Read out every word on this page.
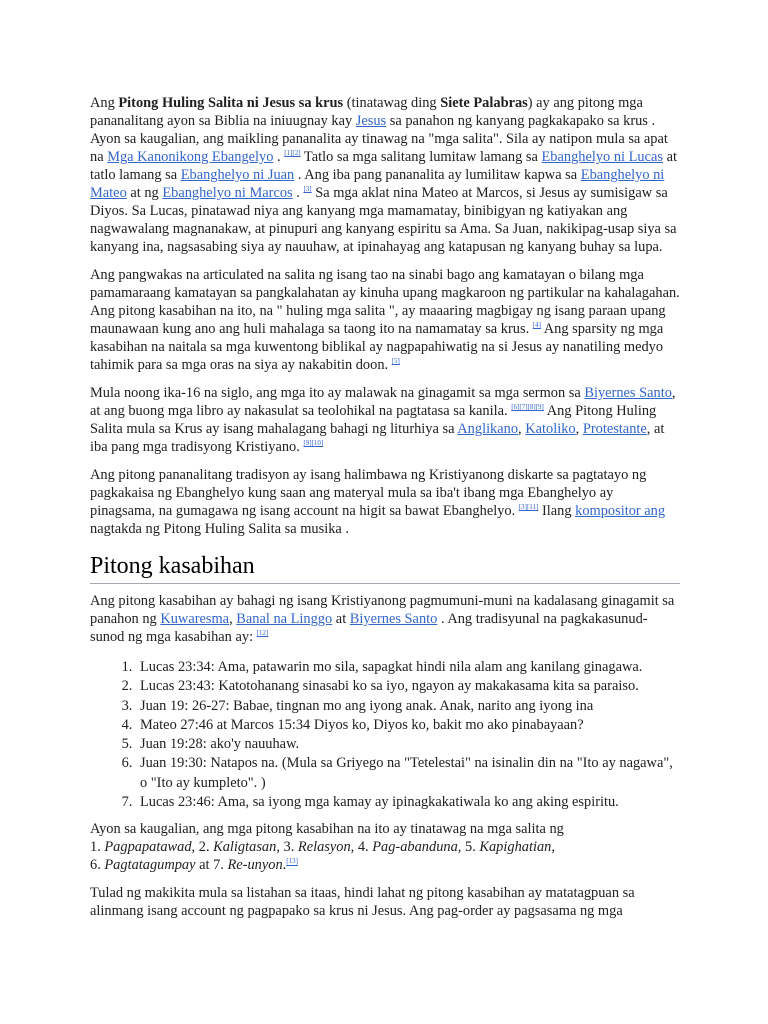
Ang Pitong Huling Salita ni Jesus sa krus (tinatawag ding Siete Palabras) ay ang pitong mga pananalitang ayon sa Biblia na iniuugnay kay Jesus sa panahon ng kanyang pagkakapako sa krus . Ayon sa kaugalian, ang maikling pananalita ay tinawag na "mga salita". Sila ay natipon mula sa apat na Mga Kanonikong Ebangelyo . [1][2] Tatlo sa mga salitang lumitaw lamang sa Ebanghelyo ni Lucas at tatlo lamang sa Ebanghelyo ni Juan . Ang iba pang pananalita ay lumilitaw kapwa sa Ebanghelyo ni Mateo at ng Ebanghelyo ni Marcos . [3] Sa mga aklat nina Mateo at Marcos, si Jesus ay sumisigaw sa Diyos. Sa Lucas, pinatawad niya ang kanyang mga mamamatay, binibigyan ng katiyakan ang nagwawalang magnanakaw, at pinupuri ang kanyang espiritu sa Ama. Sa Juan, nakikipag-usap siya sa kanyang ina, nagsasabing siya ay nauuhaw, at ipinahayag ang katapusan ng kanyang buhay sa lupa.

Ang pangwakas na articulated na salita ng isang tao na sinabi bago ang kamatayan o bilang mga pamamaraang kamatayan sa pangkalahatan ay kinuha upang magkaroon ng partikular na kahalagahan. Ang pitong kasabihan na ito, na " huling mga salita ", ay maaaring magbigay ng isang paraan upang maunawaan kung ano ang huli mahalaga sa taong ito na namamatay sa krus. [4] Ang sparsity ng mga kasabihan na naitala sa mga kuwentong biblikal ay nagpapahiwatig na si Jesus ay nanatiling medyo tahimik para sa mga oras na siya ay nakabitin doon. [5]

Mula noong ika-16 na siglo, ang mga ito ay malawak na ginagamit sa mga sermon sa Biyernes Santo, at ang buong mga libro ay nakasulat sa teolohikal na pagtatasa sa kanila. [6][7][8][9] Ang Pitong Huling Salita mula sa Krus ay isang mahalagang bahagi ng liturhiya sa Anglikano, Katoliko, Protestante, at iba pang mga tradisyong Kristiyano. [9][10]

Ang pitong pananalitang tradisyon ay isang halimbawa ng Kristiyanong diskarte sa pagtatayo ng pagkakaisa ng Ebanghelyo kung saan ang materyal mula sa iba't ibang mga Ebanghelyo ay pinagsama, na gumagawa ng isang account na higit sa bawat Ebanghelyo. [3][11] Ilang kompositor ang nagtakda ng Pitong Huling Salita sa musika .

Pitong kasabihan

Ang pitong kasabihan ay bahagi ng isang Kristiyanong pagmumuni-muni na kadalasang ginagamit sa panahon ng Kuwaresma, Banal na Linggo at Biyernes Santo . Ang tradisyunal na pagkakasunud-sunod ng mga kasabihan ay: [12]

1. Lucas 23:34: Ama, patawarin mo sila, sapagkat hindi nila alam ang kanilang ginagawa.
2. Lucas 23:43: Katotohanang sinasabi ko sa iyo, ngayon ay makakasama kita sa paraiso.
3. Juan 19: 26-27: Babae, tingnan mo ang iyong anak. Anak, narito ang iyong ina
4. Mateo 27:46 at Marcos 15:34 Diyos ko, Diyos ko, bakit mo ako pinabayaan?
5. Juan 19:28: ako'y nauuhaw.
6. Juan 19:30: Natapos na. (Mula sa Griyego na "Tetelestai" na isinalin din na "Ito ay nagawa", o "Ito ay kumpleto". )
7. Lucas 23:46: Ama, sa iyong mga kamay ay ipinagkakatiwala ko ang aking espiritu.

Ayon sa kaugalian, ang mga pitong kasabihan na ito ay tinatawag na mga salita ng
1. Pagpapatawad, 2. Kaligtasan, 3. Relasyon, 4. Pag-abanduna, 5. Kapighatian,
6. Pagtatagumpay at 7. Re-unyon.[13]

Tulad ng makikita mula sa listahan sa itaas, hindi lahat ng pitong kasabihan ay matatagpuan sa alinmang isang account ng pagpapako sa krus ni Jesus. Ang pag-order ay pagsasama ng mga
